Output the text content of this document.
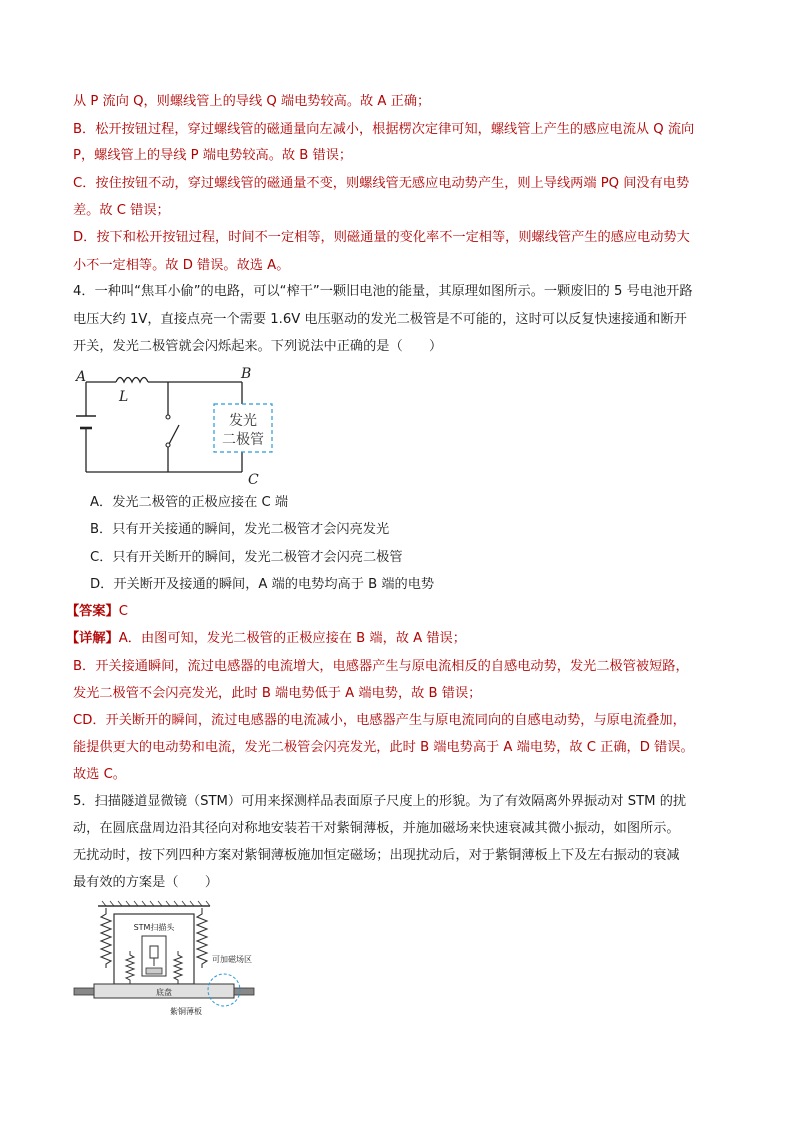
从 P 流向 Q，则螺线管上的导线 Q 端电势较高。故 A 正确；
B．松开按钮过程，穿过螺线管的磁通量向左减小，根据楞次定律可知，螺线管上产生的感应电流从 Q 流向
P，螺线管上的导线 P 端电势较高。故 B 错误；
C．按住按钮不动，穿过螺线管的磁通量不变，则螺线管无感应电动势产生，则上导线两端 PQ 间没有电势
差。故 C 错误；
D．按下和松开按钮过程，时间不一定相等，则磁通量的变化率不一定相等，则螺线管产生的感应电动势大
小不一定相等。故 D 错误。故选 A。
4．一种叫“焦耳小偷”的电路，可以“榨干”一颗旧电池的能量，其原理如图所示。一颗废旧的 5 号电池开路
电压大约 1V，直接点亮一个需要 1.6V 电压驱动的发光二极管是不可能的，这时可以反复快速接通和断开
开关，发光二极管就会闪烁起来。下列说法中正确的是（　　）
发光
二极管
A	B
C
L
A．发光二极管的正极应接在 C 端
B．只有开关接通的瞬间，发光二极管才会闪亮发光
C．只有开关断开的瞬间，发光二极管才会闪亮二极管
D．开关断开及接通的瞬间，A 端的电势均高于 B 端的电势
【答案】C
【详解】A．由图可知，发光二极管的正极应接在 B 端，故 A 错误；
B．开关接通瞬间，流过电感器的电流增大，电感器产生与原电流相反的自感电动势，发光二极管被短路，
发光二极管不会闪亮发光，此时 B 端电势低于 A 端电势，故 B 错误；
CD．开关断开的瞬间，流过电感器的电流减小，电感器产生与原电流同向的自感电动势，与原电流叠加，
能提供更大的电动势和电流，发光二极管会闪亮发光，此时 B 端电势高于 A 端电势，故 C 正确，D 错误。
故选 C。
5．扫描隧道显微镜（STM）可用来探测样品表面原子尺度上的形貌。为了有效隔离外界振动对 STM 的扰
动，在圆底盘周边沿其径向对称地安装若干对紫铜薄板，并施加磁场来快速衰减其微小振动，如图所示。
无扰动时，按下列四种方案对紫铜薄板施加恒定磁场；出现扰动后，对于紫铜薄板上下及左右振动的衰减
最有效的方案是（　　）
STM扫描头
底盘
可加磁场区
紫铜薄板
